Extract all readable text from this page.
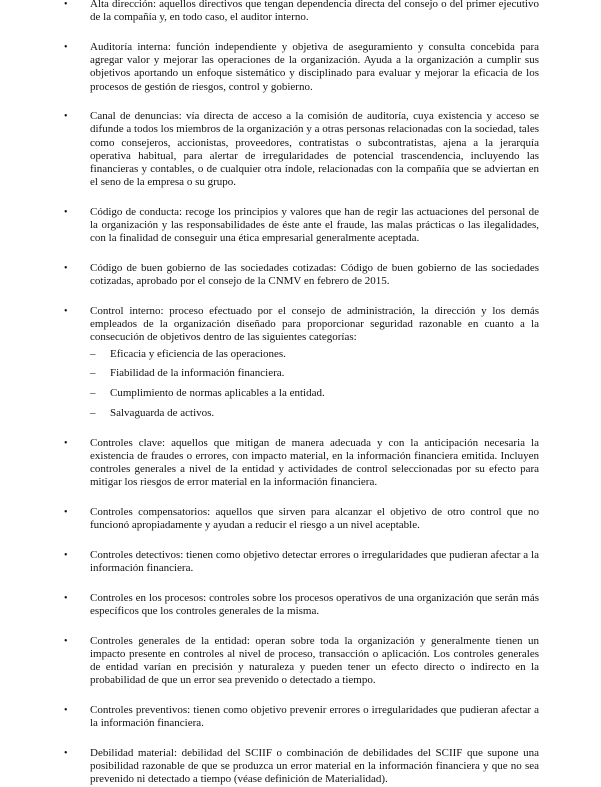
• Alta dirección: aquellos directivos que tengan dependencia directa del consejo o del primer ejecutivo de la compañía y, en todo caso, el auditor interno.
• Auditoría interna: función independiente y objetiva de aseguramiento y consulta concebida para agregar valor y mejorar las operaciones de la organización. Ayuda a la organización a cumplir sus objetivos aportando un enfoque sistemático y disciplinado para evaluar y mejorar la eficacia de los procesos de gestión de riesgos, control y gobierno.
• Canal de denuncias: vía directa de acceso a la comisión de auditoría, cuya existencia y acceso se difunde a todos los miembros de la organización y a otras personas relacionadas con la sociedad, tales como consejeros, accionistas, proveedores, contratistas o subcontratistas, ajena a la jerarquía operativa habitual, para alertar de irregularidades de potencial trascendencia, incluyendo las financieras y contables, o de cualquier otra índole, relacionadas con la compañía que se adviertan en el seno de la empresa o su grupo.
• Código de conducta: recoge los principios y valores que han de regir las actuaciones del personal de la organización y las responsabilidades de éste ante el fraude, las malas prácticas o las ilegalidades, con la finalidad de conseguir una ética empresarial generalmente aceptada.
• Código de buen gobierno de las sociedades cotizadas: Código de buen gobierno de las sociedades cotizadas, aprobado por el consejo de la CNMV en febrero de 2015.
• Control interno: proceso efectuado por el consejo de administración, la dirección y los demás empleados de la organización diseñado para proporcionar seguridad razonable en cuanto a la consecución de objetivos dentro de las siguientes categorías:
– Eficacia y eficiencia de las operaciones.
– Fiabilidad de la información financiera.
– Cumplimiento de normas aplicables a la entidad.
– Salvaguarda de activos.
• Controles clave: aquellos que mitigan de manera adecuada y con la anticipación necesaria la existencia de fraudes o errores, con impacto material, en la información financiera emitida. Incluyen controles generales a nivel de la entidad y actividades de control seleccionadas por su efecto para mitigar los riesgos de error material en la información financiera.
• Controles compensatorios: aquellos que sirven para alcanzar el objetivo de otro control que no funcionó apropiadamente y ayudan a reducir el riesgo a un nivel aceptable.
• Controles detectivos: tienen como objetivo detectar errores o irregularidades que pudieran afectar a la información financiera.
• Controles en los procesos: controles sobre los procesos operativos de una organización que serán más específicos que los controles generales de la misma.
• Controles generales de la entidad: operan sobre toda la organización y generalmente tienen un impacto presente en controles al nivel de proceso, transacción o aplicación. Los controles generales de entidad varían en precisión y naturaleza y pueden tener un efecto directo o indirecto en la probabilidad de que un error sea prevenido o detectado a tiempo.
• Controles preventivos: tienen como objetivo prevenir errores o irregularidades que pudieran afectar a la información financiera.
• Debilidad material: debilidad del SCIIF o combinación de debilidades del SCIIF que supone una posibilidad razonable de que se produzca un error material en la información financiera y que no sea prevenido ni detectado a tiempo (véase definición de Materialidad).
